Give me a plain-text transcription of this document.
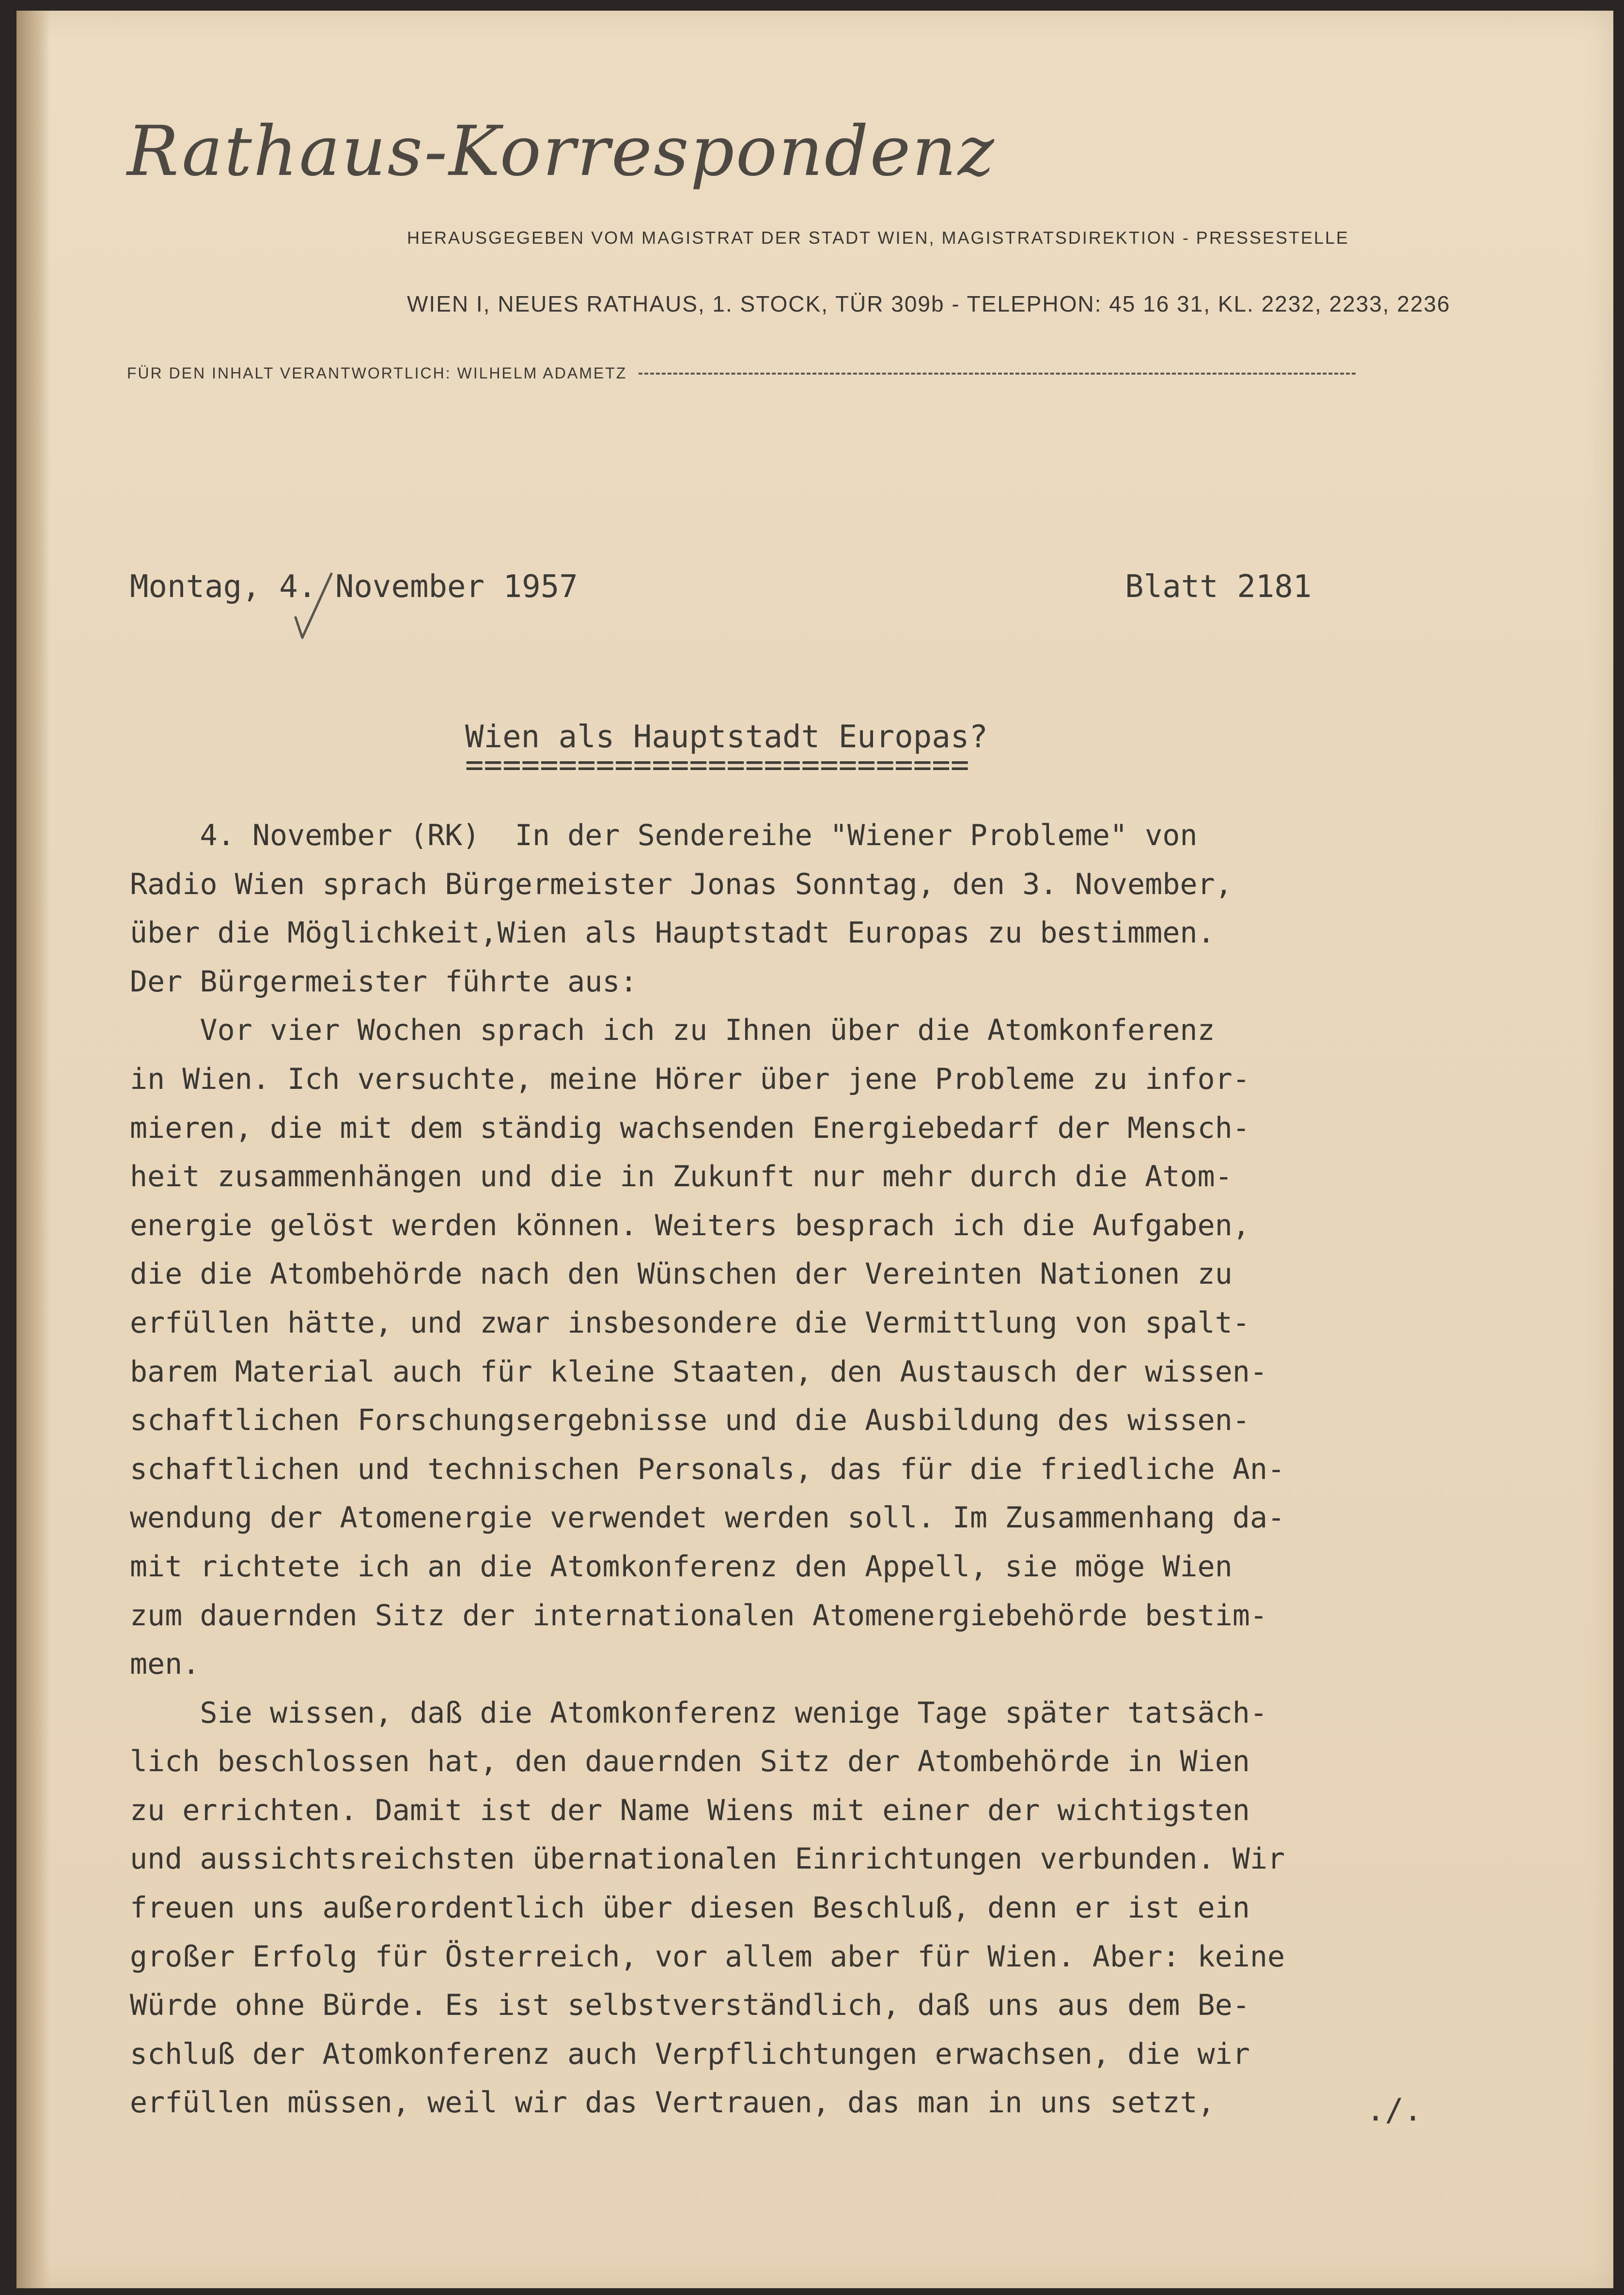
Rathaus-Korrespondenz
HERAUSGEGEBEN VOM MAGISTRAT DER STADT WIEN, MAGISTRATSDIREKTION - PRESSESTELLE
WIEN I, NEUES RATHAUS, 1. STOCK, TÜR 309b - TELEPHON: 45 16 31, KL. 2232, 2233, 2236
FÜR DEN INHALT VERANTWORTLICH: WILHELM ADAMETZ
Montag, 4. November 1957	Blatt 2181
Wien als Hauptstadt Europas?
===========================
4. November (RK)  In der Sendereihe "Wiener Probleme" von
Radio Wien sprach Bürgermeister Jonas Sonntag, den 3. November,
über die Möglichkeit,Wien als Hauptstadt Europas zu bestimmen.
Der Bürgermeister führte aus:
Vor vier Wochen sprach ich zu Ihnen über die Atomkonferenz
in Wien. Ich versuchte, meine Hörer über jene Probleme zu infor-
mieren, die mit dem ständig wachsenden Energiebedarf der Mensch-
heit zusammenhängen und die in Zukunft nur mehr durch die Atom-
energie gelöst werden können. Weiters besprach ich die Aufgaben,
die die Atombehörde nach den Wünschen der Vereinten Nationen zu
erfüllen hätte, und zwar insbesondere die Vermittlung von spalt-
barem Material auch für kleine Staaten, den Austausch der wissen-
schaftlichen Forschungsergebnisse und die Ausbildung des wissen-
schaftlichen und technischen Personals, das für die friedliche An-
wendung der Atomenergie verwendet werden soll. Im Zusammenhang da-
mit richtete ich an die Atomkonferenz den Appell, sie möge Wien
zum dauernden Sitz der internationalen Atomenergiebehörde bestim-
men.
Sie wissen, daß die Atomkonferenz wenige Tage später tatsäch-
lich beschlossen hat, den dauernden Sitz der Atombehörde in Wien
zu errichten. Damit ist der Name Wiens mit einer der wichtigsten
und aussichtsreichsten übernationalen Einrichtungen verbunden. Wir
freuen uns außerordentlich über diesen Beschluß, denn er ist ein
großer Erfolg für Österreich, vor allem aber für Wien. Aber: keine
Würde ohne Bürde. Es ist selbstverständlich, daß uns aus dem Be-
schluß der Atomkonferenz auch Verpflichtungen erwachsen, die wir
erfüllen müssen, weil wir das Vertrauen, das man in uns setzt,	./.
